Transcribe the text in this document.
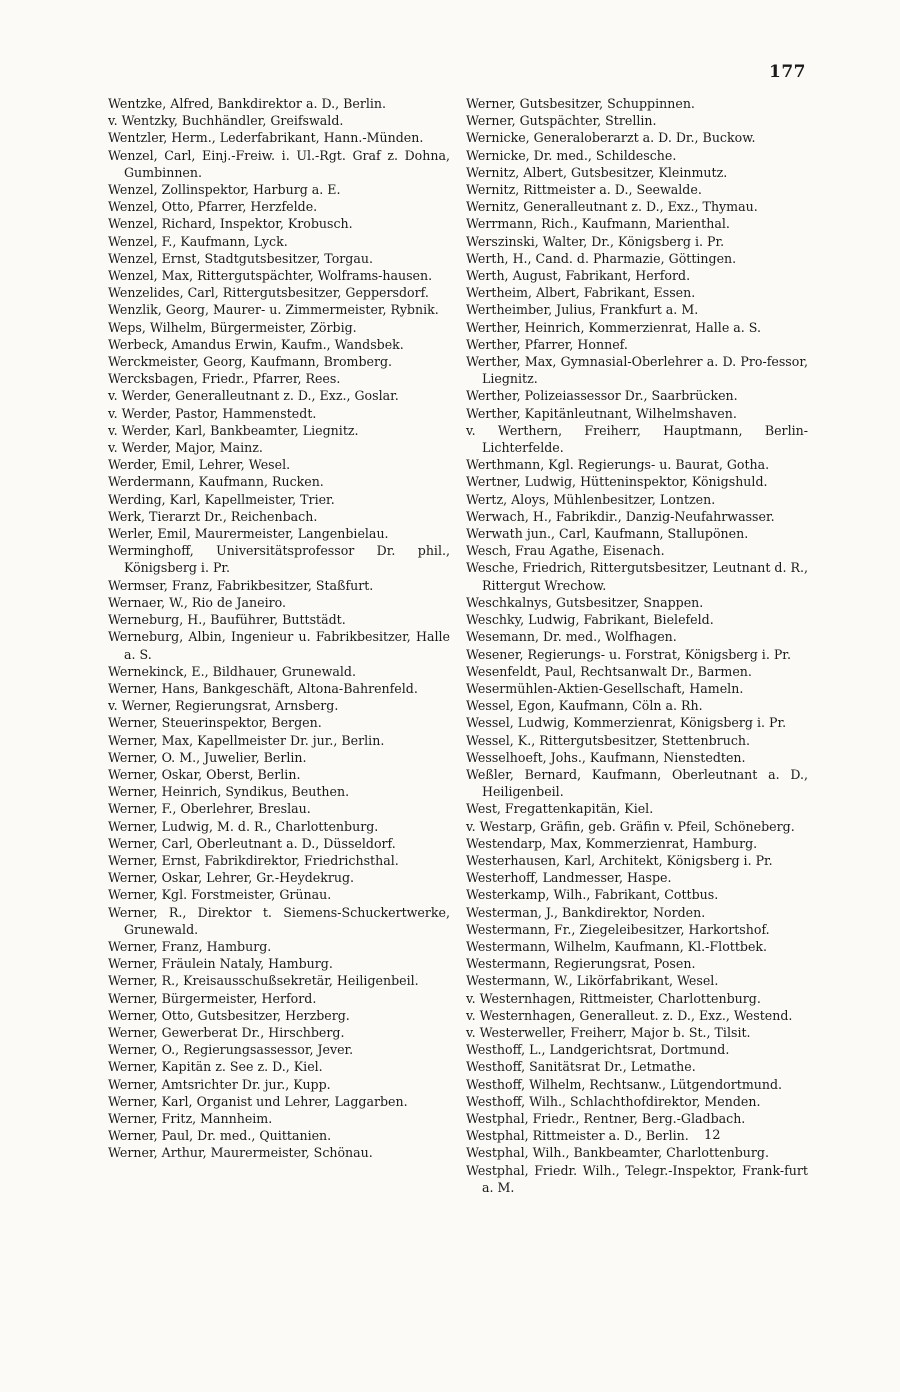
177
Wentzke, Alfred, Bankdirektor a. D., Berlin.
v. Wentzky, Buchhändler, Greifswald.
Wentzler, Herm., Lederfabrikant, Hann.-Münden.
Wenzel, Carl, Einj.-Freiw. i. Ul.-Rgt. Graf z. Dohna, Gumbinnen.
Wenzel, Zollinspektor, Harburg a. E.
Wenzel, Otto, Pfarrer, Herzfelde.
Wenzel, Richard, Inspektor, Krobusch.
Wenzel, F., Kaufmann, Lyck.
Wenzel, Ernst, Stadtgutsbesitzer, Torgau.
Wenzel, Max, Rittergutspächter, Wolframs-hausen.
Wenzelides, Carl, Rittergutsbesitzer, Geppersdorf.
Wenzlik, Georg, Maurer- u. Zimmermeister, Rybnik.
Weps, Wilhelm, Bürgermeister, Zörbig.
Werbeck, Amandus Erwin, Kaufm., Wandsbek.
Werckmeister, Georg, Kaufmann, Bromberg.
Wercksbagen, Friedr., Pfarrer, Rees.
v. Werder, Generalleutnant z. D., Exz., Goslar.
v. Werder, Pastor, Hammenstedt.
v. Werder, Karl, Bankbeamter, Liegnitz.
v. Werder, Major, Mainz.
Werder, Emil, Lehrer, Wesel.
Werdermann, Kaufmann, Rucken.
Werding, Karl, Kapellmeister, Trier.
Werk, Tierarzt Dr., Reichenbach.
Werler, Emil, Maurermeister, Langenbielau.
Werminghoff, Universitätsprofessor Dr. phil., Königsberg i. Pr.
Wermser, Franz, Fabrikbesitzer, Staßfurt.
Wernaer, W., Rio de Janeiro.
Werneburg, H., Bauführer, Buttstädt.
Werneburg, Albin, Ingenieur u. Fabrikbesitzer, Halle a. S.
Wernekinck, E., Bildhauer, Grunewald.
Werner, Hans, Bankgeschäft, Altona-Bahrenfeld.
v. Werner, Regierungsrat, Arnsberg.
Werner, Steuerinspektor, Bergen.
Werner, Max, Kapellmeister Dr. jur., Berlin.
Werner, O. M., Juwelier, Berlin.
Werner, Oskar, Oberst, Berlin.
Werner, Heinrich, Syndikus, Beuthen.
Werner, F., Oberlehrer, Breslau.
Werner, Ludwig, M. d. R., Charlottenburg.
Werner, Carl, Oberleutnant a. D., Düsseldorf.
Werner, Ernst, Fabrikdirektor, Friedrichsthal.
Werner, Oskar, Lehrer, Gr.-Heydekrug.
Werner, Kgl. Forstmeister, Grünau.
Werner, R., Direktor t. Siemens-Schuckertwerke, Grunewald.
Werner, Franz, Hamburg.
Werner, Fräulein Nataly, Hamburg.
Werner, R., Kreisausschußsekretär, Heiligenbeil.
Werner, Bürgermeister, Herford.
Werner, Otto, Gutsbesitzer, Herzberg.
Werner, Gewerberat Dr., Hirschberg.
Werner, O., Regierungsassessor, Jever.
Werner, Kapitän z. See z. D., Kiel.
Werner, Amtsrichter Dr. jur., Kupp.
Werner, Karl, Organist und Lehrer, Laggarben.
Werner, Fritz, Mannheim.
Werner, Paul, Dr. med., Quittanien.
Werner, Arthur, Maurermeister, Schönau.
Werner, Gutsbesitzer, Schuppinnen.
Werner, Gutspächter, Strellin.
Wernicke, Generaloberarzt a. D. Dr., Buckow.
Wernicke, Dr. med., Schildesche.
Wernitz, Albert, Gutsbesitzer, Kleinmutz.
Wernitz, Rittmeister a. D., Seewalde.
Wernitz, Generalleutnant z. D., Exz., Thymau.
Werrmann, Rich., Kaufmann, Marienthal.
Werszinski, Walter, Dr., Königsberg i. Pr.
Werth, H., Cand. d. Pharmazie, Göttingen.
Werth, August, Fabrikant, Herford.
Wertheim, Albert, Fabrikant, Essen.
Wertheimber, Julius, Frankfurt a. M.
Werther, Heinrich, Kommerzienrat, Halle a. S.
Werther, Pfarrer, Honnef.
Werther, Max, Gymnasial-Oberlehrer a. D. Pro-fessor, Liegnitz.
Werther, Polizeiassessor Dr., Saarbrücken.
Werther, Kapitänleutnant, Wilhelmshaven.
v. Werthern, Freiherr, Hauptmann, Berlin-Lichterfelde.
Werthmann, Kgl. Regierungs- u. Baurat, Gotha.
Wertner, Ludwig, Hütteninspektor, Königshuld.
Wertz, Aloys, Mühlenbesitzer, Lontzen.
Werwach, H., Fabrikdir., Danzig-Neufahrwasser.
Werwath jun., Carl, Kaufmann, Stallupönen.
Wesch, Frau Agathe, Eisenach.
Wesche, Friedrich, Rittergutsbesitzer, Leutnant d. R., Rittergut Wrechow.
Weschkalnys, Gutsbesitzer, Snappen.
Weschky, Ludwig, Fabrikant, Bielefeld.
Wesemann, Dr. med., Wolfhagen.
Wesener, Regierungs- u. Forstrat, Königsberg i. Pr.
Wesenfeldt, Paul, Rechtsanwalt Dr., Barmen.
Wesermühlen-Aktien-Gesellschaft, Hameln.
Wessel, Egon, Kaufmann, Cöln a. Rh.
Wessel, Ludwig, Kommerzienrat, Königsberg i. Pr.
Wessel, K., Rittergutsbesitzer, Stettenbruch.
Wesselhoeft, Johs., Kaufmann, Nienstedten.
Weßler, Bernard, Kaufmann, Oberleutnant a. D., Heiligenbeil.
West, Fregattenkapitän, Kiel.
v. Westarp, Gräfin, geb. Gräfin v. Pfeil, Schöneberg.
Westendarp, Max, Kommerzienrat, Hamburg.
Westerhausen, Karl, Architekt, Königsberg i. Pr.
Westerhoff, Landmesser, Haspe.
Westerkamp, Wilh., Fabrikant, Cottbus.
Westerman, J., Bankdirektor, Norden.
Westermann, Fr., Ziegeleibesitzer, Harkortshof.
Westermann, Wilhelm, Kaufmann, Kl.-Flottbek.
Westermann, Regierungsrat, Posen.
Westermann, W., Likörfabrikant, Wesel.
v. Westernhagen, Rittmeister, Charlottenburg.
v. Westernhagen, Generalleut. z. D., Exz., Westend.
v. Westerweller, Freiherr, Major b. St., Tilsit.
Westhoff, L., Landgerichtsrat, Dortmund.
Westhoff, Sanitätsrat Dr., Letmathe.
Westhoff, Wilhelm, Rechtsanw., Lütgendortmund.
Westhoff, Wilh., Schlachthofdirektor, Menden.
Westphal, Friedr., Rentner, Berg.-Gladbach.
Westphal, Rittmeister a. D., Berlin.
Westphal, Wilh., Bankbeamter, Charlottenburg.
Westphal, Friedr. Wilh., Telegr.-Inspektor, Frank-furt a. M.
12
